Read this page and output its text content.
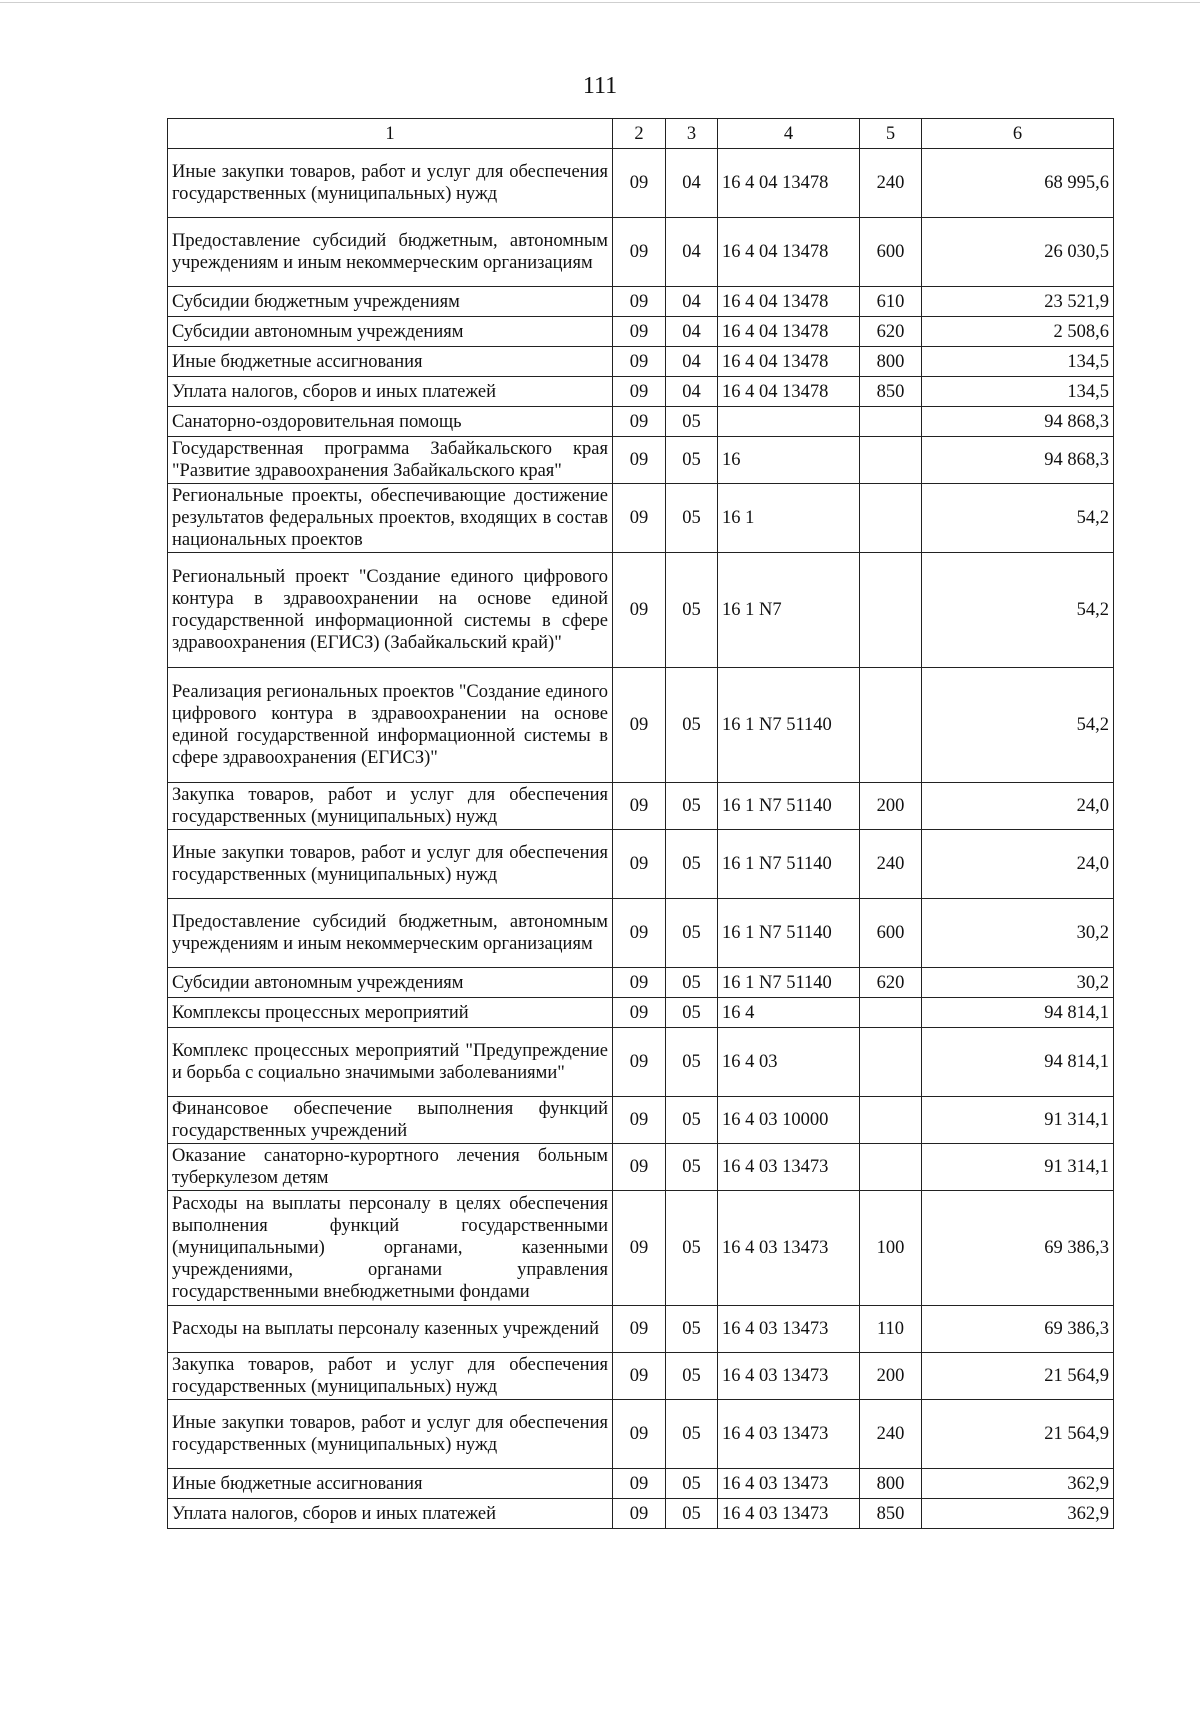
111
1	2	3	4	5	6
Иные закупки товаров, работ и услуг для обеспечения государственных (муниципальных) нужд	09	04	16 4 04 13478	240	68 995,6
Предоставление субсидий бюджетным, автономным учреждениям и иным некоммерческим организациям	09	04	16 4 04 13478	600	26 030,5
Субсидии бюджетным учреждениям	09	04	16 4 04 13478	610	23 521,9
Субсидии автономным учреждениям	09	04	16 4 04 13478	620	2 508,6
Иные бюджетные ассигнования	09	04	16 4 04 13478	800	134,5
Уплата налогов, сборов и иных платежей	09	04	16 4 04 13478	850	134,5
Санаторно-оздоровительная помощь	09	05			94 868,3
Государственная программа Забайкальского края "Развитие здравоохранения Забайкальского края"	09	05	16		94 868,3
Региональные проекты, обеспечивающие достижение результатов федеральных проектов, входящих в состав национальных проектов	09	05	16 1		54,2
Региональный проект "Создание единого цифрового контура в здравоохранении на основе единой государственной информационной системы в сфере здравоохранения (ЕГИСЗ) (Забайкальский край)"	09	05	16 1 N7		54,2
Реализация региональных проектов "Создание единого цифрового контура в здравоохранении на основе единой государственной информационной системы в сфере здравоохранения (ЕГИСЗ)"	09	05	16 1 N7 51140		54,2
Закупка товаров, работ и услуг для обеспечения государственных (муниципальных) нужд	09	05	16 1 N7 51140	200	24,0
Иные закупки товаров, работ и услуг для обеспечения государственных (муниципальных) нужд	09	05	16 1 N7 51140	240	24,0
Предоставление субсидий бюджетным, автономным учреждениям и иным некоммерческим организациям	09	05	16 1 N7 51140	600	30,2
Субсидии автономным учреждениям	09	05	16 1 N7 51140	620	30,2
Комплексы процессных мероприятий	09	05	16 4		94 814,1
Комплекс процессных мероприятий "Предупреждение и борьба с социально значимыми заболеваниями"	09	05	16 4 03		94 814,1
Финансовое обеспечение выполнения функций государственных учреждений	09	05	16 4 03 10000		91 314,1
Оказание санаторно-курортного лечения больным туберкулезом детям	09	05	16 4 03 13473		91 314,1
Расходы на выплаты персоналу в целях обеспечения выполнения функций государственными (муниципальными) органами, казенными учреждениями, органами управления государственными внебюджетными фондами	09	05	16 4 03 13473	100	69 386,3
Расходы на выплаты персоналу казенных учреждений	09	05	16 4 03 13473	110	69 386,3
Закупка товаров, работ и услуг для обеспечения государственных (муниципальных) нужд	09	05	16 4 03 13473	200	21 564,9
Иные закупки товаров, работ и услуг для обеспечения государственных (муниципальных) нужд	09	05	16 4 03 13473	240	21 564,9
Иные бюджетные ассигнования	09	05	16 4 03 13473	800	362,9
Уплата налогов, сборов и иных платежей	09	05	16 4 03 13473	850	362,9
